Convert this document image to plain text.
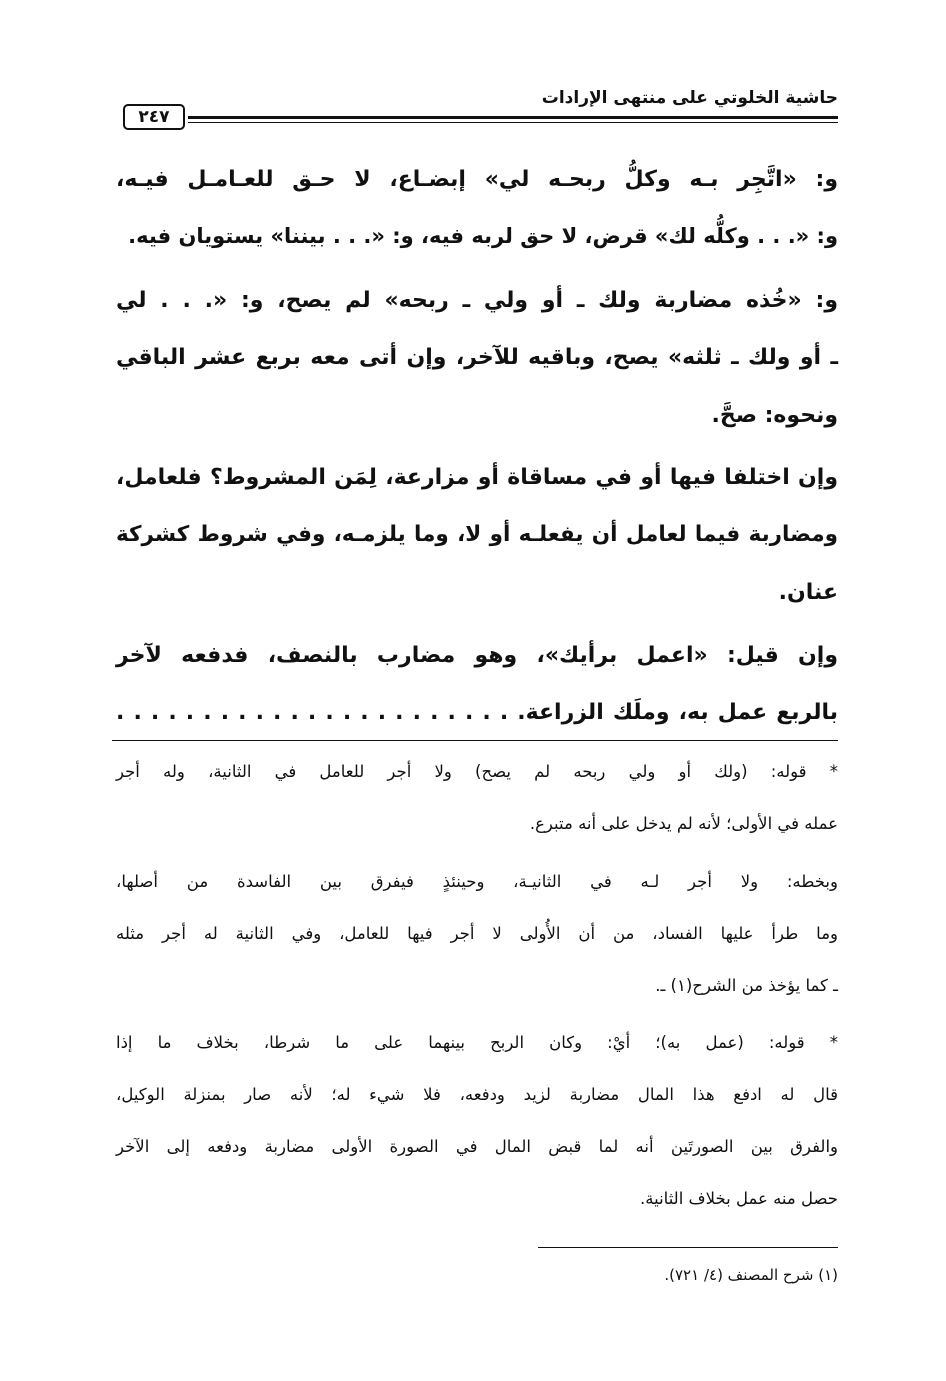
حاشية الخلوتي على منتهى الإرادات
٢٤٧
و: «اتَّجِر بـه وكلُّ ربحـه لي» إبضـاع، لا حـق للعـامـل فيـه،
و: «. . . وكلُّه لك» قرض، لا حق لربه فيه، و: «. . . بيننا» يستويان فيه.
و: «خُذه مضاربة ولك ـ أو ولي ـ ربحه» لم يصح، و: «. . . لي
ـ أو ولك ـ ثلثه» يصح، وباقيه للآخر، وإن أتى معه بربع عشر الباقي
ونحوه: صحَّ.
وإن اختلفا فيها أو في مساقاة أو مزارعة، لِمَن المشروط؟ فلعامل،
ومضاربة فيما لعامل أن يفعلـه أو لا، وما يلزمـه، وفي شروط كشركة
عنان.
وإن قيل: «اعمل برأيك»، وهو مضارب بالنصف، فدفعه لآخر
بالربع عمل به، وملَك الزراعة. . . . . . . . . . . . . . . . . . . . . . . .
* قوله: (ولك أو ولي ربحه لم يصح) ولا أجر للعامل في الثانية، وله أجر
عمله في الأولى؛ لأنه لم يدخل على أنه متبرع.
وبخطه: ولا أجر لـه في الثانيـة، وحينئذٍ فيفرق بين الفاسدة من أصلها،
وما طرأ عليها الفساد، من أن الأُولى لا أجر فيها للعامل، وفي الثانية له أجر مثله
ـ كما يؤخذ من الشرح(١) ـ.
* قوله: (عمل به)؛ أيْ: وكان الربح بينهما على ما شرطا، بخلاف ما إذا
قال له ادفع هذا المال مضاربة لزيد ودفعه، فلا شيء له؛ لأنه صار بمنزلة الوكيل،
والفرق بين الصورتَين أنه لما قبض المال في الصورة الأولى مضاربة ودفعه إلى الآخر
حصل منه عمل بخلاف الثانية.
(١) شرح المصنف (٤/ ٧٢١).
